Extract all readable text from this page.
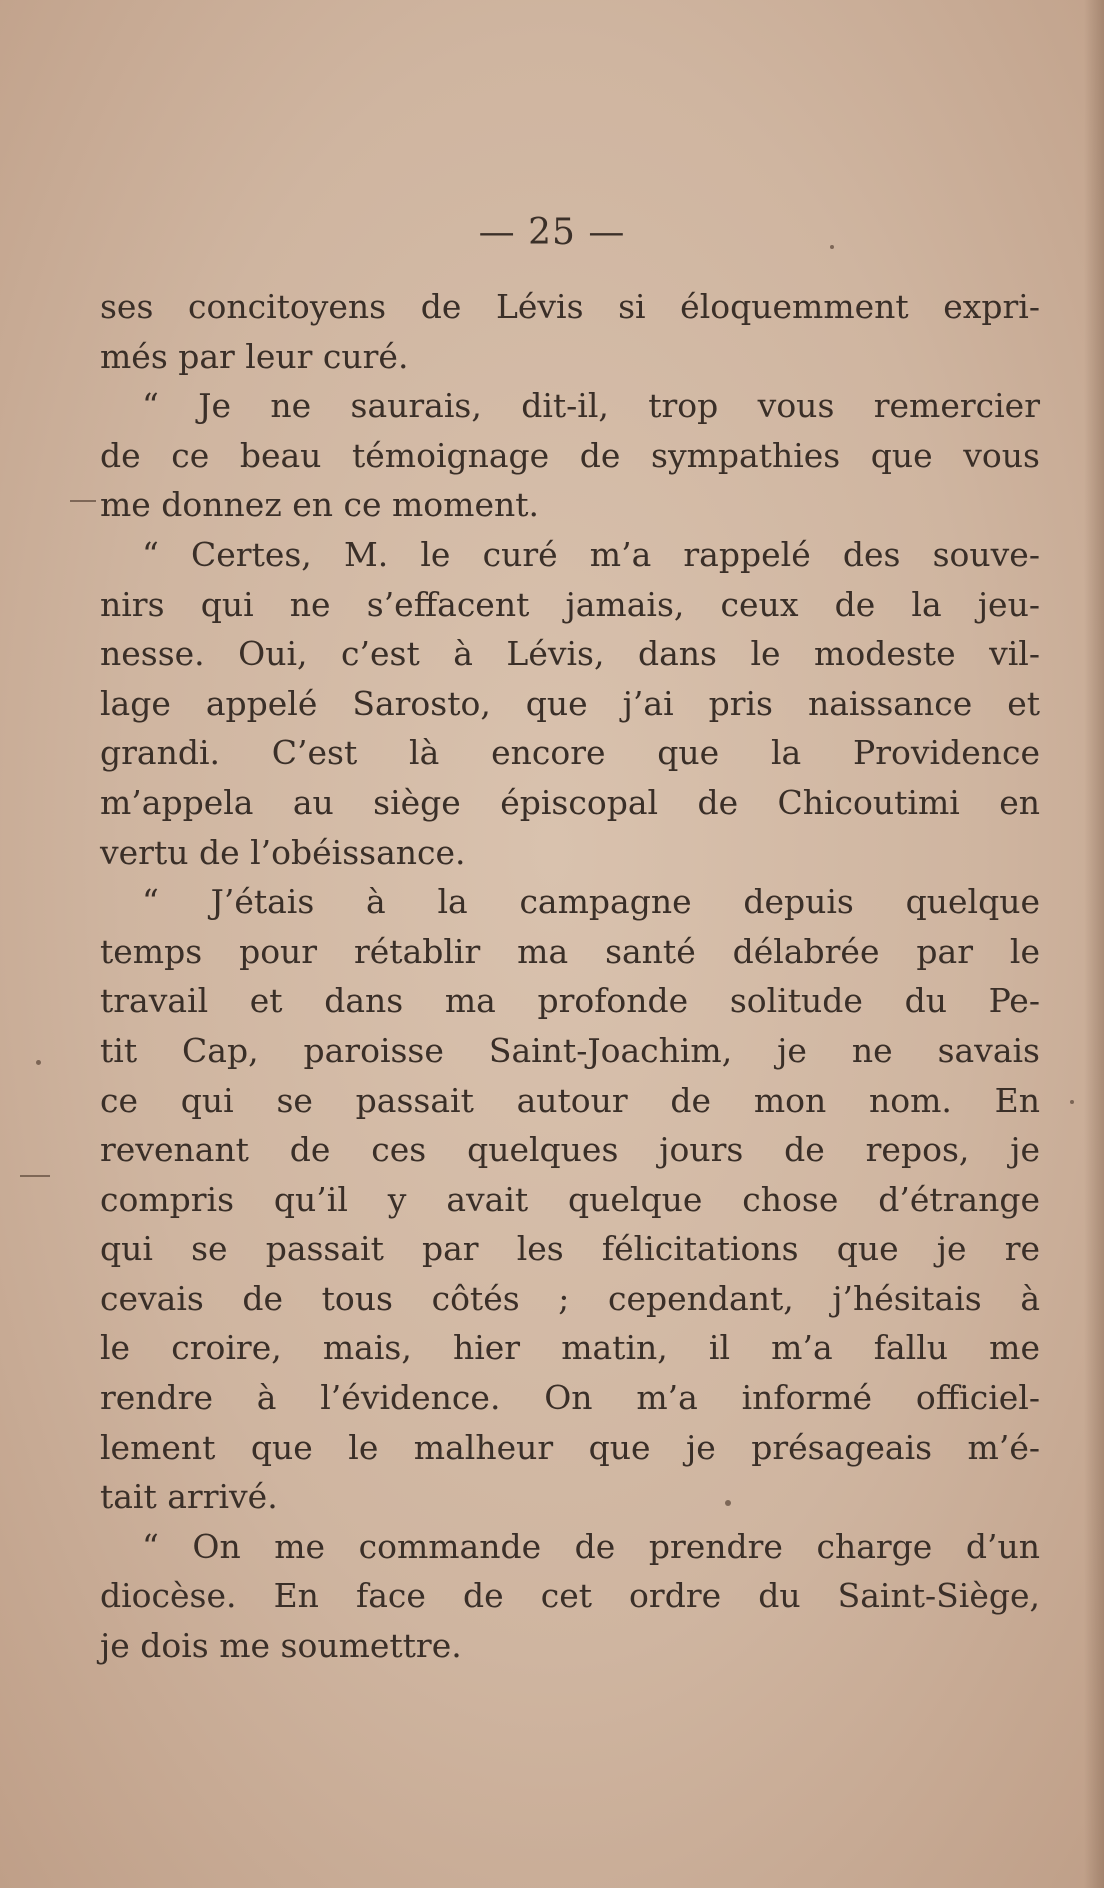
— 25 —
ses concitoyens de Lévis si éloquemment expri-
més par leur curé.
“ Je ne saurais, dit-il, trop vous remercier
de ce beau témoignage de sympathies que vous
me donnez en ce moment.
“ Certes, M. le curé m’a rappelé des souve-
nirs qui ne s’effacent jamais, ceux de la jeu-
nesse. Oui, c’est à Lévis, dans le modeste vil-
lage appelé Sarosto, que j’ai pris naissance et
grandi. C’est là encore que la Providence
m’appela au siège épiscopal de Chicoutimi en
vertu de l’obéissance.
“ J’étais à la campagne depuis quelque
temps pour rétablir ma santé délabrée par le
travail et dans ma profonde solitude du Pe-
tit Cap, paroisse Saint-Joachim, je ne savais
ce qui se passait autour de mon nom. En
revenant de ces quelques jours de repos, je
compris qu’il y avait quelque chose d’étrange
qui se passait par les félicitations que je re
cevais de tous côtés ; cependant, j’hésitais à
le croire, mais, hier matin, il m’a fallu me
rendre à l’évidence. On m’a informé officiel-
lement que le malheur que je présageais m’é-
tait arrivé.
“ On me commande de prendre charge d’un
diocèse. En face de cet ordre du Saint-Siège,
je dois me soumettre.
